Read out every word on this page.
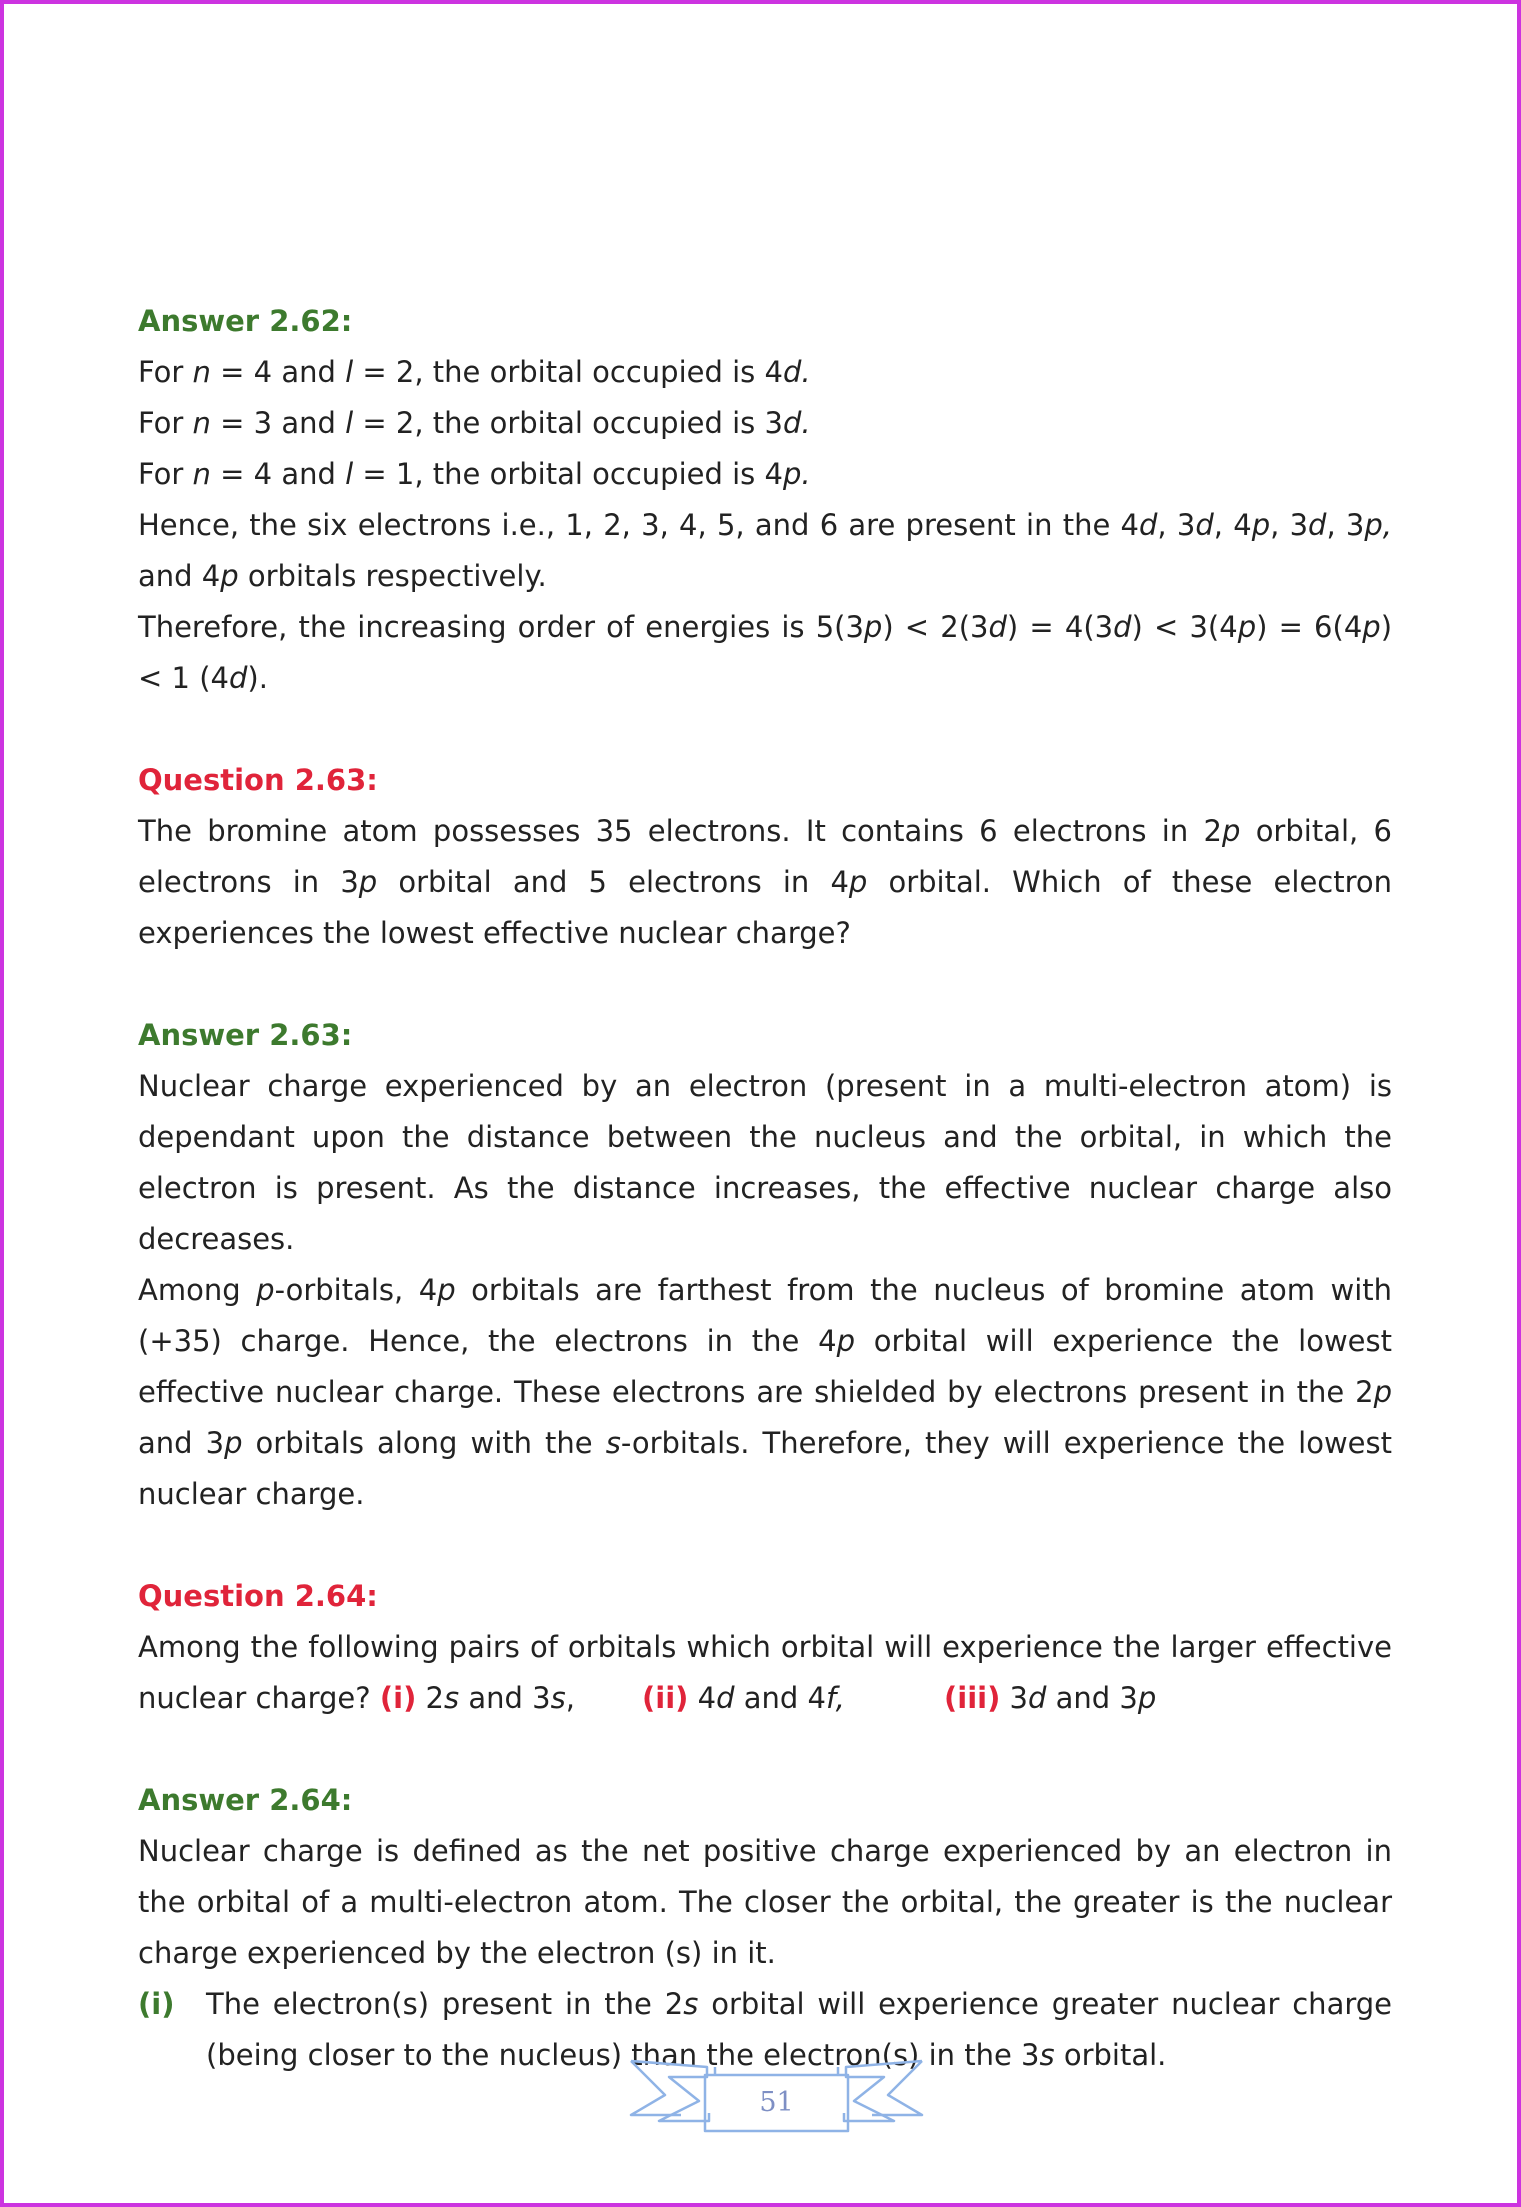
Answer 2.62:
For n = 4 and l = 2, the orbital occupied is 4d.
For n = 3 and l = 2, the orbital occupied is 3d.
For n = 4 and l = 1, the orbital occupied is 4p.
Hence, the six electrons i.e., 1, 2, 3, 4, 5, and 6 are present in the 4d, 3d, 4p, 3d, 3p, and 4p orbitals respectively.
Therefore, the increasing order of energies is 5(3p) < 2(3d) = 4(3d) < 3(4p) = 6(4p) < 1 (4d).
Question 2.63:
The bromine atom possesses 35 electrons. It contains 6 electrons in 2p orbital, 6 electrons in 3p orbital and 5 electrons in 4p orbital. Which of these electron experiences the lowest effective nuclear charge?
Answer 2.63:
Nuclear charge experienced by an electron (present in a multi-electron atom) is dependant upon the distance between the nucleus and the orbital, in which the electron is present. As the distance increases, the effective nuclear charge also decreases.
Among p-orbitals, 4p orbitals are farthest from the nucleus of bromine atom with (+35) charge. Hence, the electrons in the 4p orbital will experience the lowest effective nuclear charge. These electrons are shielded by electrons present in the 2p and 3p orbitals along with the s-orbitals. Therefore, they will experience the lowest nuclear charge.
Question 2.64:
Among the following pairs of orbitals which orbital will experience the larger effective
nuclear charge? (i) 2s and 3s,	(ii) 4d and 4f,	(iii) 3d and 3p
Answer 2.64:
Nuclear charge is defined as the net positive charge experienced by an electron in the orbital of a multi-electron atom. The closer the orbital, the greater is the nuclear charge experienced by the electron (s) in it.
(i)	The electron(s) present in the 2s orbital will experience greater nuclear charge (being closer to the nucleus) than the electron(s) in the 3s orbital.
51
